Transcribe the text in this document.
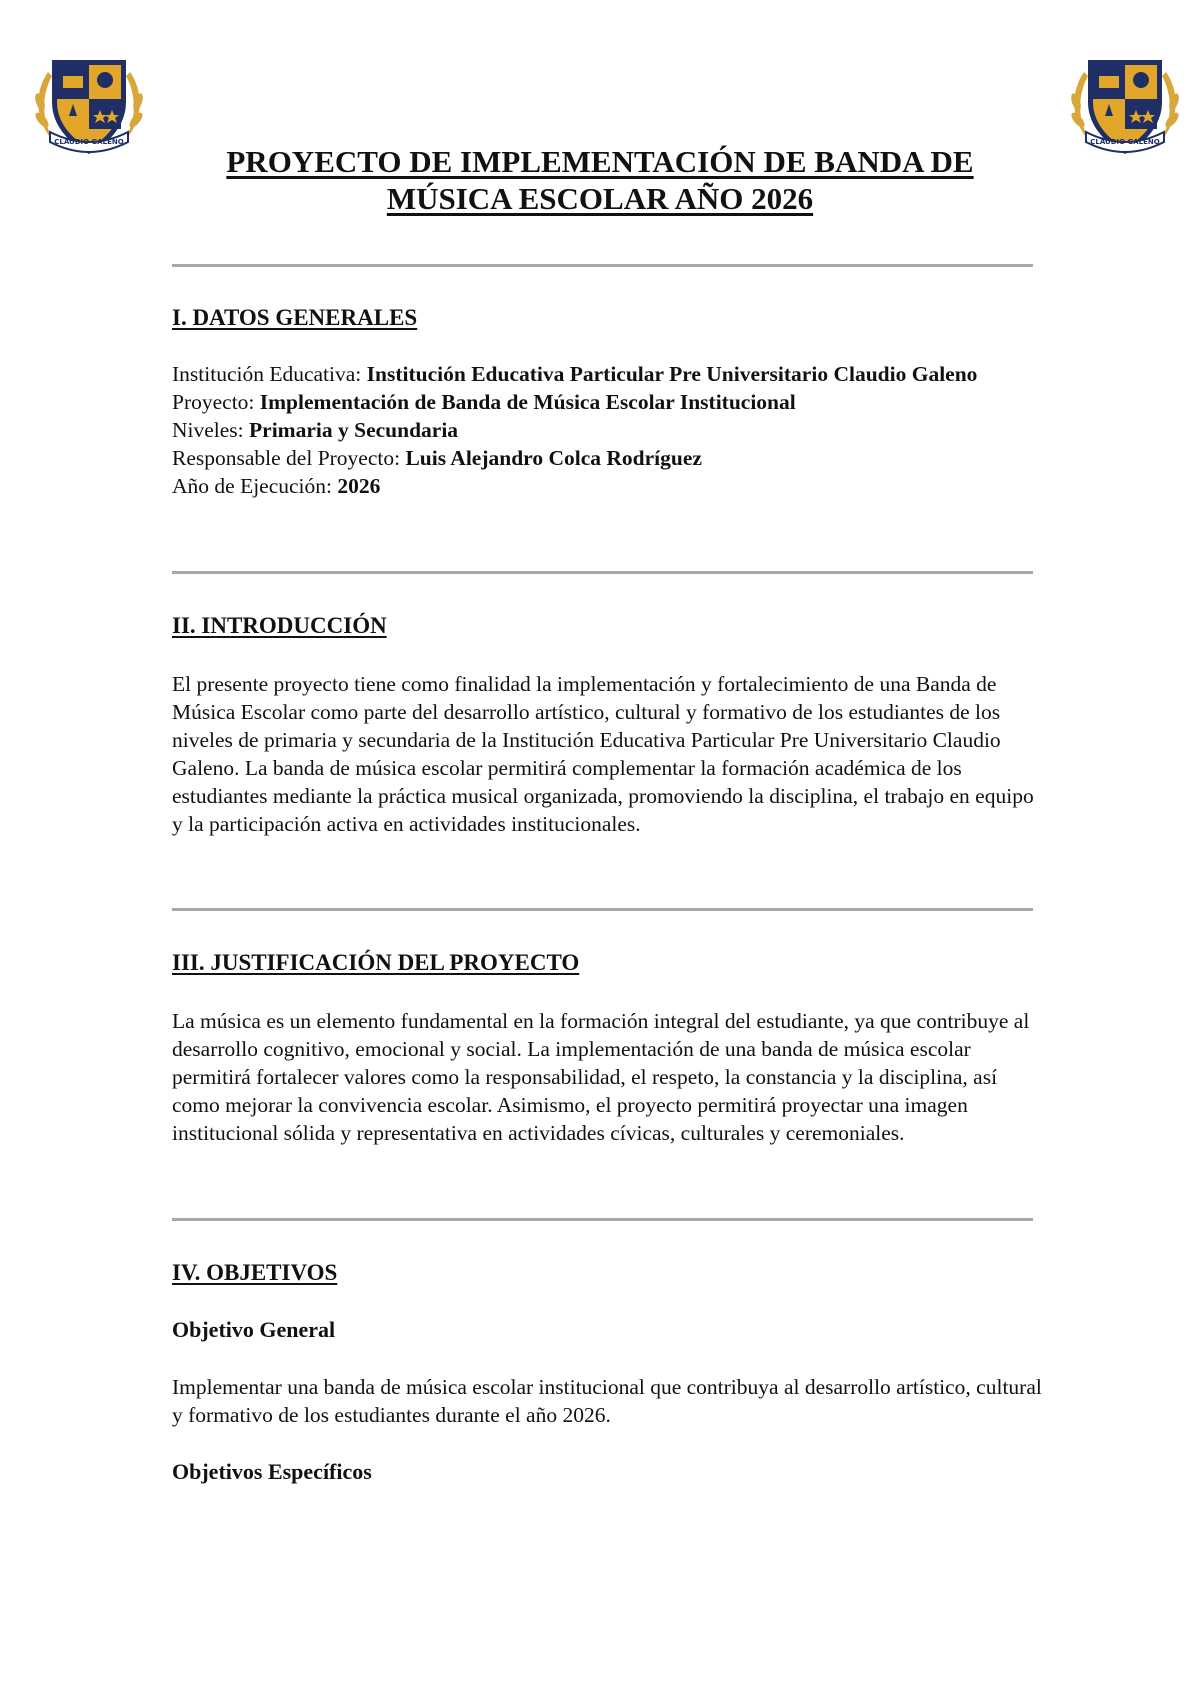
CLAUDIO GALENO	CLAUDIO GALENO
PROYECTO DE IMPLEMENTACIÓN DE BANDA DE
MÚSICA ESCOLAR AÑO 2026
I. DATOS GENERALES
Institución Educativa: Institución Educativa Particular Pre Universitario Claudio Galeno
Proyecto: Implementación de Banda de Música Escolar Institucional
Niveles: Primaria y Secundaria
Responsable del Proyecto: Luis Alejandro Colca Rodríguez
Año de Ejecución: 2026
II. INTRODUCCIÓN

El presente proyecto tiene como finalidad la implementación y fortalecimiento de una Banda de Música Escolar como parte del desarrollo artístico, cultural y formativo de los estudiantes de los niveles de primaria y secundaria de la Institución Educativa Particular Pre Universitario Claudio Galeno. La banda de música escolar permitirá complementar la formación académica de los estudiantes mediante la práctica musical organizada, promoviendo la disciplina, el trabajo en equipo y la participación activa en actividades institucionales.

III. JUSTIFICACIÓN DEL PROYECTO

La música es un elemento fundamental en la formación integral del estudiante, ya que contribuye al desarrollo cognitivo, emocional y social. La implementación de una banda de música escolar permitirá fortalecer valores como la responsabilidad, el respeto, la constancia y la disciplina, así como mejorar la convivencia escolar. Asimismo, el proyecto permitirá proyectar una imagen institucional sólida y representativa en actividades cívicas, culturales y ceremoniales.

IV. OBJETIVOS
Objetivo General

Implementar una banda de música escolar institucional que contribuya al desarrollo artístico, cultural y formativo de los estudiantes durante el año 2026.

Objetivos Específicos
